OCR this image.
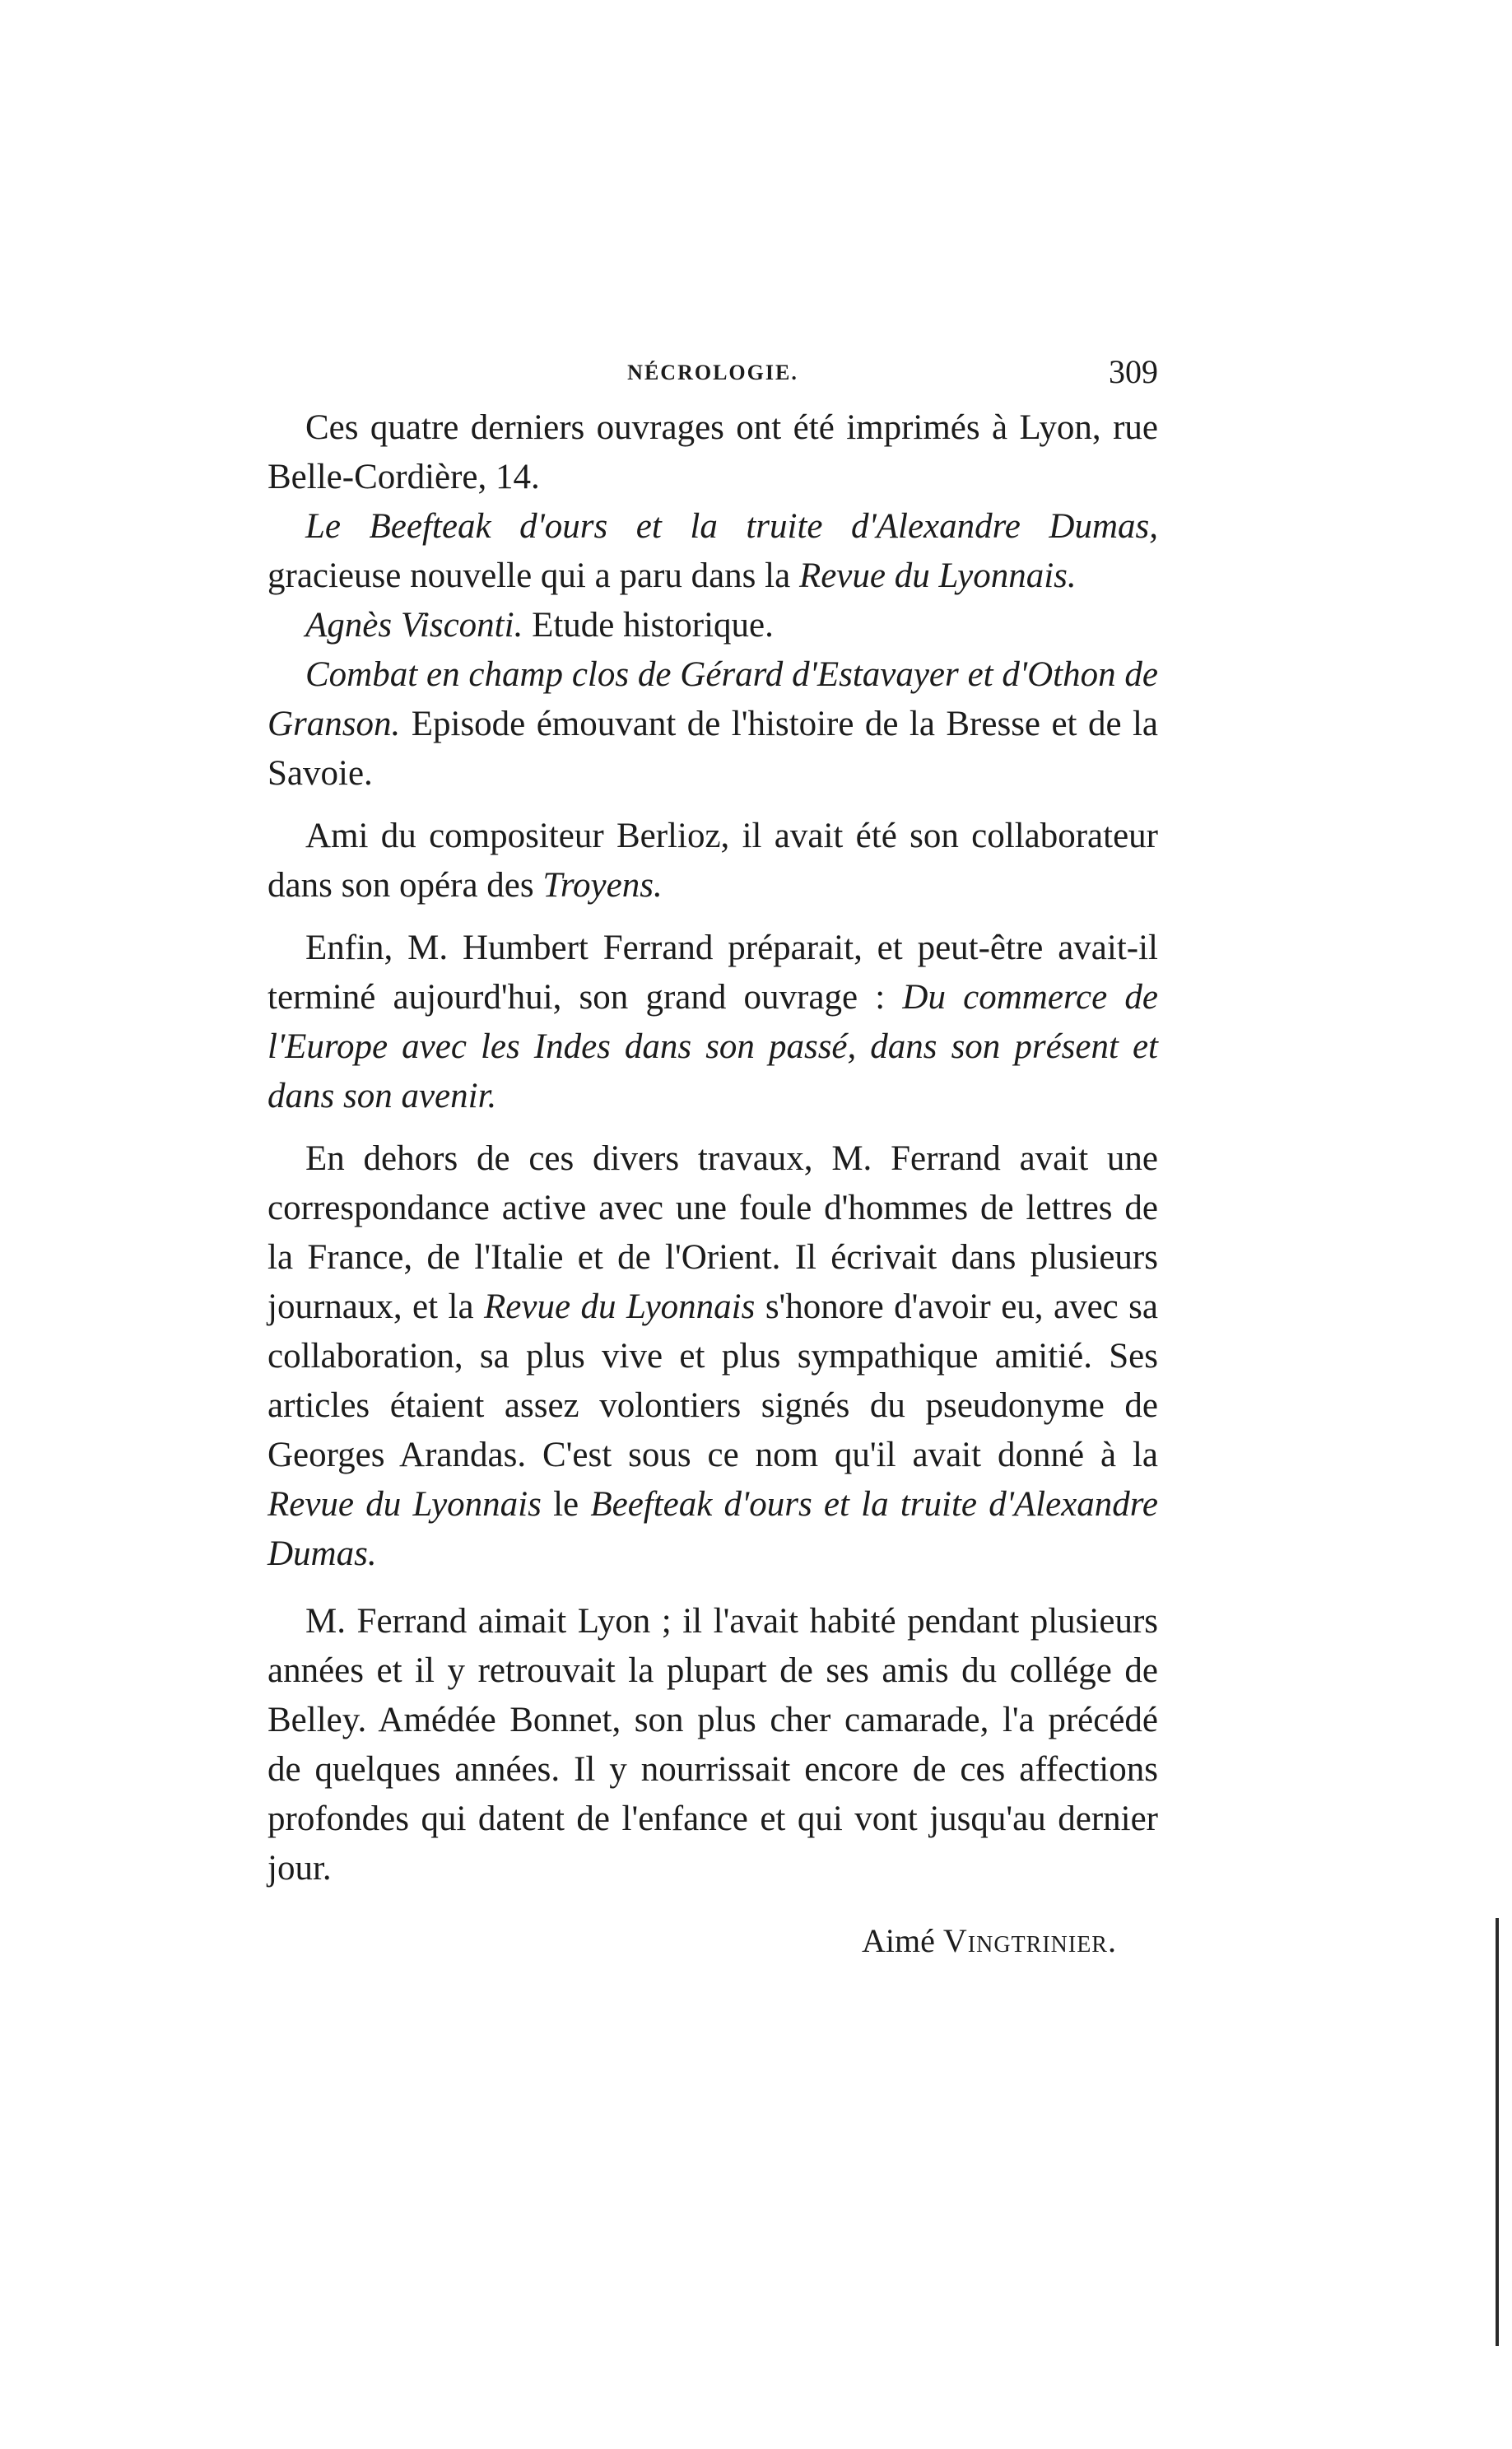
NÉCROLOGIE.	309

Ces quatre derniers ouvrages ont été imprimés à Lyon, rue Belle-Cordière, 14.

Le Beefteak d'ours et la truite d'Alexandre Dumas, gracieuse nouvelle qui a paru dans la Revue du Lyonnais.

Agnès Visconti. Etude historique.

Combat en champ clos de Gérard d'Estavayer et d'Othon de Granson. Episode émouvant de l'histoire de la Bresse et de la Savoie.

Ami du compositeur Berlioz, il avait été son collaborateur dans son opéra des Troyens.

Enfin, M. Humbert Ferrand préparait, et peut-être avait-il terminé aujourd'hui, son grand ouvrage : Du commerce de l'Europe avec les Indes dans son passé, dans son présent et dans son avenir.

En dehors de ces divers travaux, M. Ferrand avait une correspondance active avec une foule d'hommes de lettres de la France, de l'Italie et de l'Orient. Il écrivait dans plusieurs journaux, et la Revue du Lyonnais s'honore d'avoir eu, avec sa collaboration, sa plus vive et plus sympathique amitié. Ses articles étaient assez volontiers signés du pseudonyme de Georges Arandas. C'est sous ce nom qu'il avait donné à la Revue du Lyonnais le Beefteak d'ours et la truite d'Alexandre Dumas.

M. Ferrand aimait Lyon ; il l'avait habité pendant plusieurs années et il y retrouvait la plupart de ses amis du collége de Belley. Amédée Bonnet, son plus cher camarade, l'a précédé de quelques années. Il y nourrissait encore de ces affections profondes qui datent de l'enfance et qui vont jusqu'au dernier jour.

Aimé Vingtrinier.
